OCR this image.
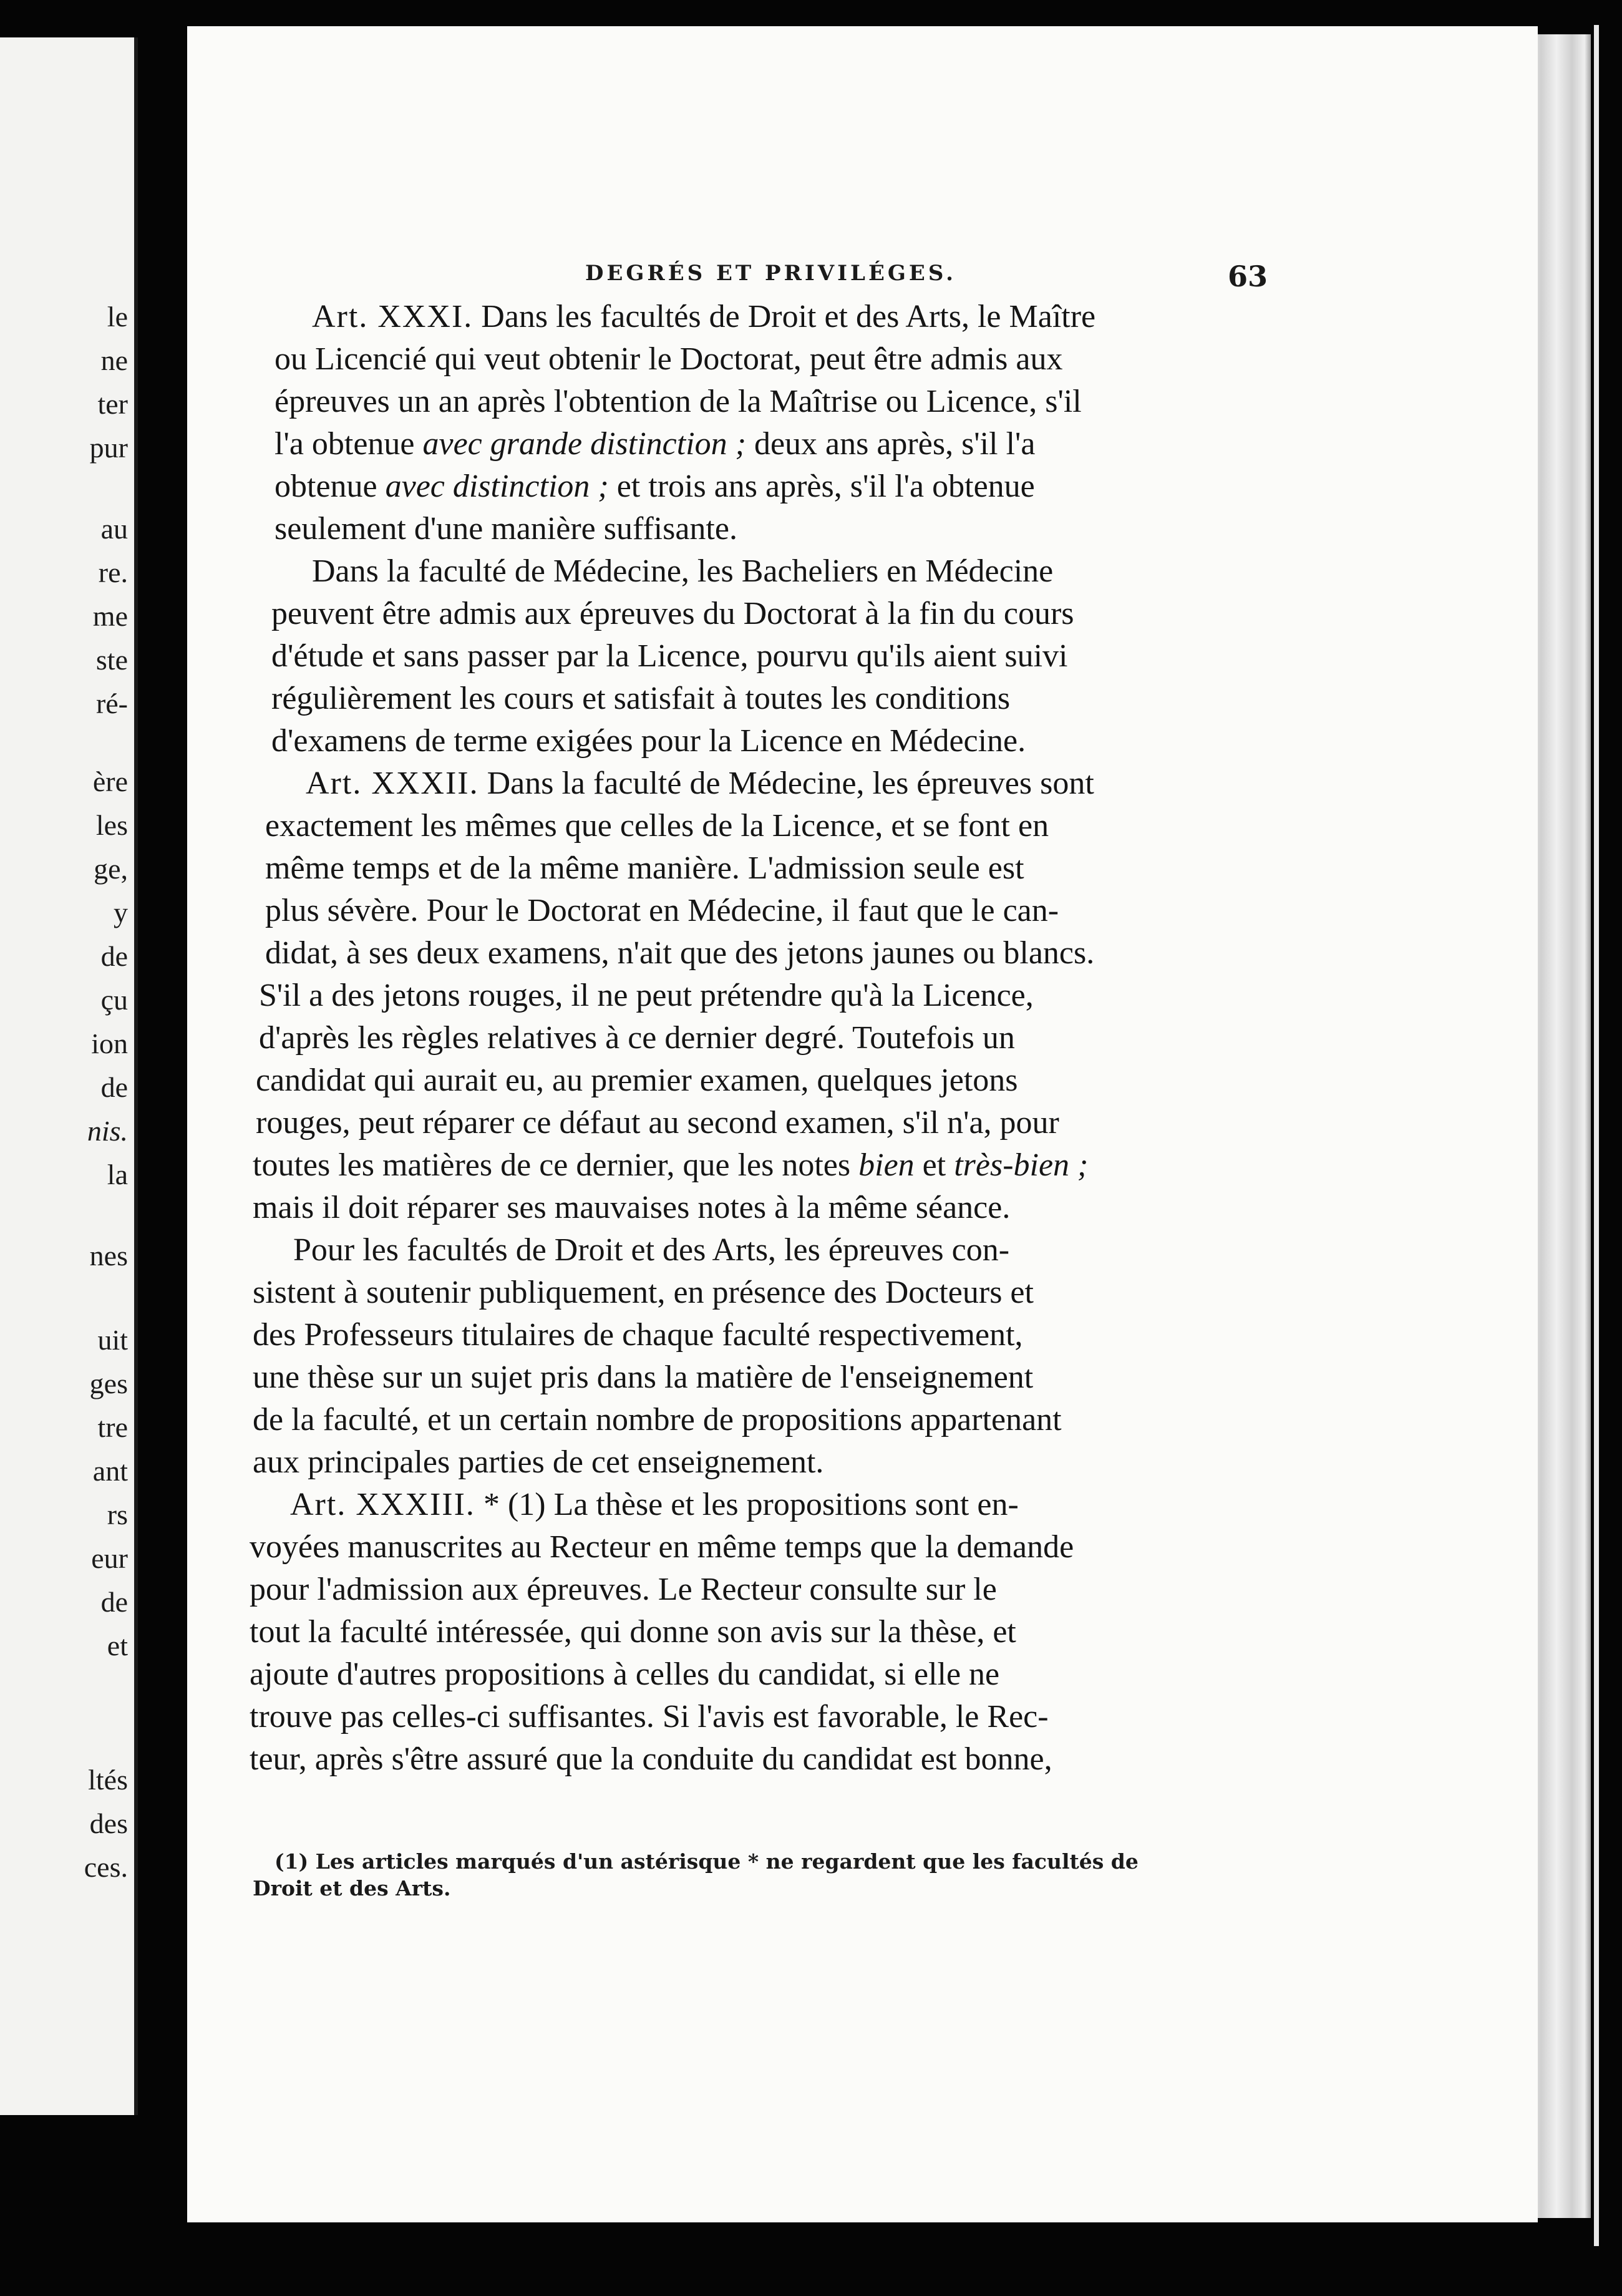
le
ne
ter
pur
au
re.
me
ste
ré-
ère
les
ge,
y
de
çu
ion
de
nis.
la
nes
uit
ges
tre
ant
rs
eur
de
et
ltés
des
ces.
DEGRÉS ET PRIVILÉGES.	63
Art. XXXI. Dans les facultés de Droit et des Arts, le Maître
ou Licencié qui veut obtenir le Doctorat, peut être admis aux
épreuves un an après l'obtention de la Maîtrise ou Licence, s'il
l'a obtenue avec grande distinction ; deux ans après, s'il l'a
obtenue avec distinction ; et trois ans après, s'il l'a obtenue
seulement d'une manière suffisante.
Dans la faculté de Médecine, les Bacheliers en Médecine
peuvent être admis aux épreuves du Doctorat à la fin du cours
d'étude et sans passer par la Licence, pourvu qu'ils aient suivi
régulièrement les cours et satisfait à toutes les conditions
d'examens de terme exigées pour la Licence en Médecine.
Art. XXXII. Dans la faculté de Médecine, les épreuves sont
exactement les mêmes que celles de la Licence, et se font en
même temps et de la même manière. L'admission seule est
plus sévère. Pour le Doctorat en Médecine, il faut que le can-
didat, à ses deux examens, n'ait que des jetons jaunes ou blancs.
S'il a des jetons rouges, il ne peut prétendre qu'à la Licence,
d'après les règles relatives à ce dernier degré. Toutefois un
candidat qui aurait eu, au premier examen, quelques jetons
rouges, peut réparer ce défaut au second examen, s'il n'a, pour
toutes les matières de ce dernier, que les notes bien et très-bien ;
mais il doit réparer ses mauvaises notes à la même séance.
Pour les facultés de Droit et des Arts, les épreuves con-
sistent à soutenir publiquement, en présence des Docteurs et
des Professeurs titulaires de chaque faculté respectivement,
une thèse sur un sujet pris dans la matière de l'enseignement
de la faculté, et un certain nombre de propositions appartenant
aux principales parties de cet enseignement.
Art. XXXIII. * (1) La thèse et les propositions sont en-
voyées manuscrites au Recteur en même temps que la demande
pour l'admission aux épreuves. Le Recteur consulte sur le
tout la faculté intéressée, qui donne son avis sur la thèse, et
ajoute d'autres propositions à celles du candidat, si elle ne
trouve pas celles-ci suffisantes. Si l'avis est favorable, le Rec-
teur, après s'être assuré que la conduite du candidat est bonne,
(1) Les articles marqués d'un astérisque * ne regardent que les facultés de
Droit et des Arts.
